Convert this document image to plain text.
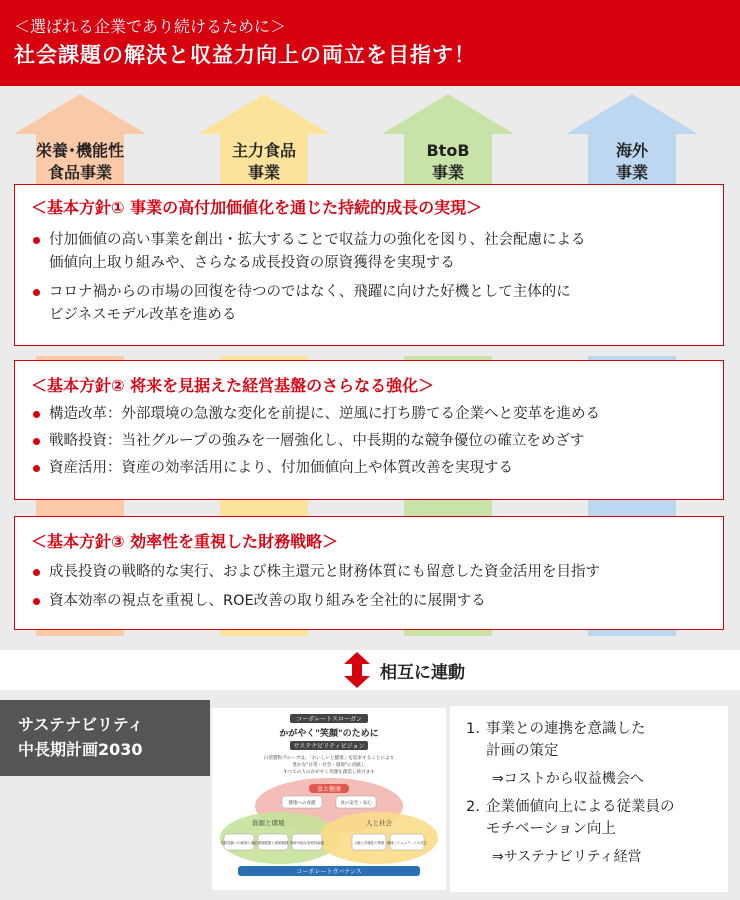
＜選ばれる企業であり続けるために＞
社会課題の解決と収益力向上の両立を目指す！
栄養･機能性
食品事業
主力食品
事業
BtoB
事業
海外
事業
＜基本方針① 事業の高付加価値化を通じた持続的成長の実現＞
付加価値の高い事業を創出・拡大することで収益力の強化を図り、社会配慮による
価値向上取り組みや、さらなる成長投資の原資獲得を実現する
コロナ禍からの市場の回復を待つのではなく、飛躍に向けた好機として主体的に
ビジネスモデル改革を進める
＜基本方針② 将来を見据えた経営基盤のさらなる強化＞
構造改革：外部環境の急激な変化を前提に、逆風に打ち勝てる企業へと変革を進める
戦略投資：当社グループの強みを一層強化し、中長期的な競争優位の確立をめざす
資産活用：資産の効率活用により、付加価値向上や体質改善を実現する
＜基本方針③ 効率性を重視した財務戦略＞
成長投資の戦略的な実行、および株主還元と財務体質にも留意した資金活用を目指す
資本効率の視点を重視し、ROE改善の取り組みを全社的に展開する
相互に連動
サステナビリティ
中長期計画2030
コーポレートスローガン
かがやく"笑顔"のために
サステナビリティビジョン
日清製粉グループは、「おいしいと健康」を追求することにより
豊かな"日常・社会・環境"に貢献し
すべての人のかがやく笑顔を創造し続けます
食と健康
資源と環境	人と社会
健康への貢献	食の安全・安心
気候変動への緩和と適応 環境配慮と資源循環 持続可能な原材料調達	人権と多様性の尊重 地域コミュニティとの共生
コーポレートガバナンス
1. 事業との連携を意識した
計画の策定
⇒コストから収益機会へ
2. 企業価値向上による従業員の
モチベーション向上
⇒サステナビリティ経営
